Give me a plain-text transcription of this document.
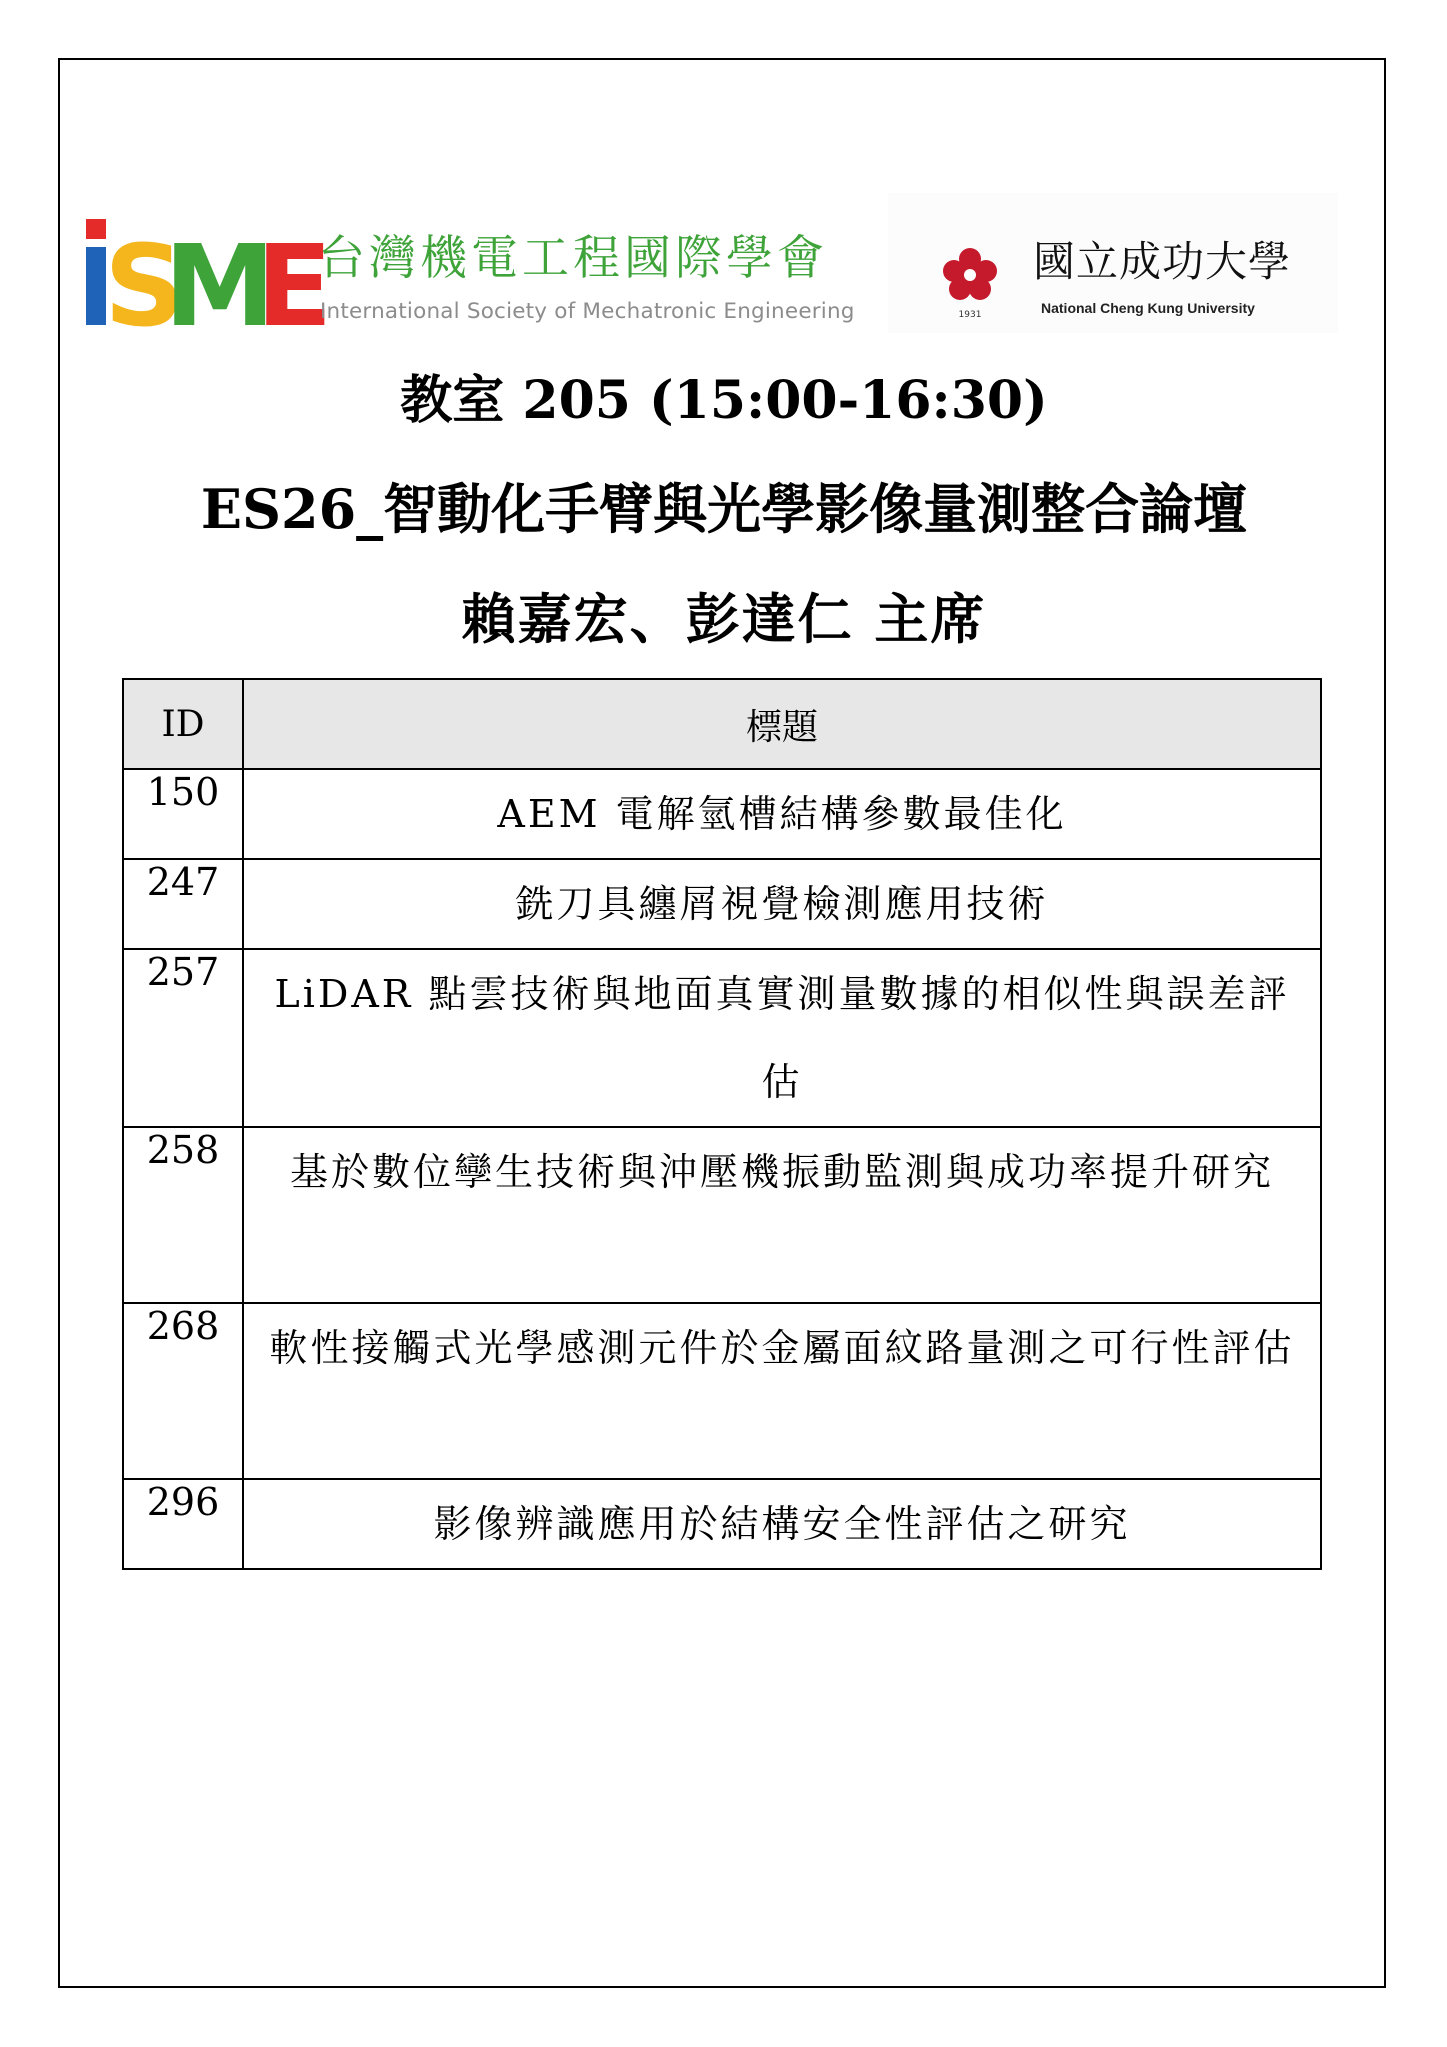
S
M
E
台灣機電工程國際學會
International Society of Mechatronic Engineering	1931
國立成功大學
National Cheng Kung University
教室 205 (15:00-16:30)
ES26_智動化手臂與光學影像量測整合論壇
賴嘉宏、彭達仁 主席
ID	標題
150	AEM 電解氫槽結構參數最佳化

247	銑刀具纏屑視覺檢測應用技術

257	LiDAR 點雲技術與地面真實測量數據的相似性與誤差評估

258	基於數位孿生技術與沖壓機振動監測與成功率提升研究

268	軟性接觸式光學感測元件於金屬面紋路量測之可行性評估

296	影像辨識應用於結構安全性評估之研究
